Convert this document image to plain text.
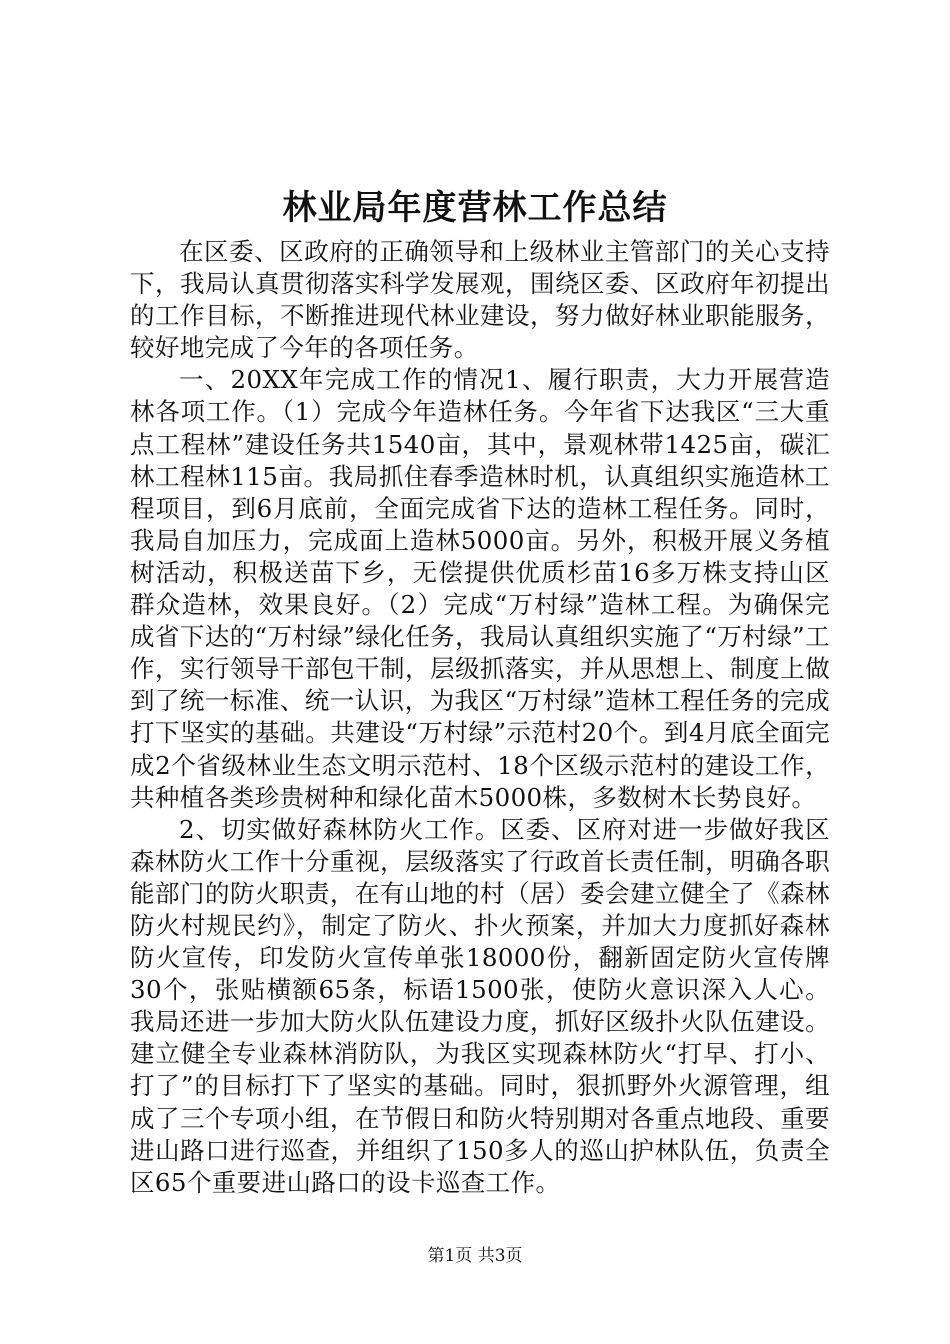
林业局年度营林工作总结

在区委、区政府的正确领导和上级林业主管部门的关心支持下，我局认真贯彻落实科学发展观，围绕区委、区政府年初提出的工作目标，不断推进现代林业建设，努力做好林业职能服务，较好地完成了今年的各项任务。

一、20XX年完成工作的情况1、履行职责，大力开展营造林各项工作。（1）完成今年造林任务。今年省下达我区“三大重点工程林”建设任务共1540亩，其中，景观林带1425亩，碳汇林工程林115亩。我局抓住春季造林时机，认真组织实施造林工程项目，到6月底前，全面完成省下达的造林工程任务。同时，我局自加压力，完成面上造林5000亩。另外，积极开展义务植树活动，积极送苗下乡，无偿提供优质杉苗16多万株支持山区群众造林，效果良好。（2）完成“万村绿”造林工程。为确保完成省下达的“万村绿”绿化任务，我局认真组织实施了“万村绿”工作，实行领导干部包干制，层级抓落实，并从思想上、制度上做到了统一标准、统一认识，为我区“万村绿”造林工程任务的完成打下坚实的基础。共建设“万村绿”示范村20个。到4月底全面完成2个省级林业生态文明示范村、18个区级示范村的建设工作，共种植各类珍贵树种和绿化苗木5000株，多数树木长势良好。

2、切实做好森林防火工作。区委、区府对进一步做好我区森林防火工作十分重视，层级落实了行政首长责任制，明确各职能部门的防火职责，在有山地的村（居）委会建立健全了《森林防火村规民约》，制定了防火、扑火预案，并加大力度抓好森林防火宣传，印发防火宣传单张18000份，翻新固定防火宣传牌30个，张贴横额65条，标语1500张，使防火意识深入人心。我局还进一步加大防火队伍建设力度，抓好区级扑火队伍建设。建立健全专业森林消防队，为我区实现森林防火“打早、打小、打了”的目标打下了坚实的基础。同时，狠抓野外火源管理，组成了三个专项小组，在节假日和防火特别期对各重点地段、重要进山路口进行巡查，并组织了150多人的巡山护林队伍，负责全区65个重要进山路口的设卡巡查工作。

第1页 共3页
